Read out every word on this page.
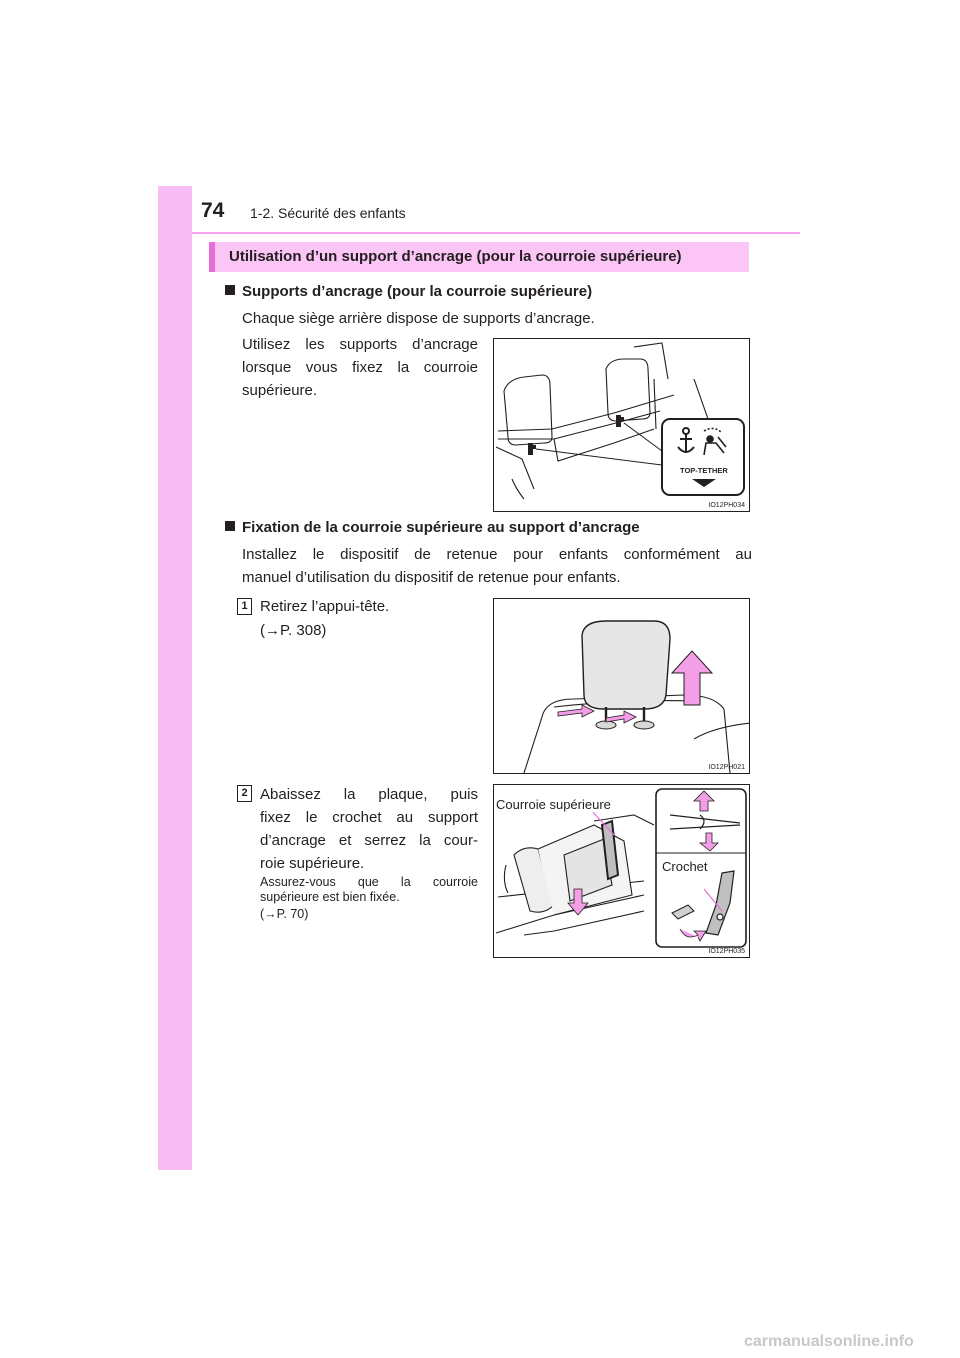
74 1-2. Sécurité des enfants
Utilisation d’un support d’ancrage (pour la courroie supérieure)
Supports d’ancrage (pour la courroie supérieure)
Chaque siège arrière dispose de supports d’ancrage.
Utilisez les supports d’ancrage
lorsque vous fixez la courroie
supérieure.
TOP-TETHER
IO12PH034
Fixation de la courroie supérieure au support d’ancrage
Installez le dispositif de retenue pour enfants conformément au
manuel d’utilisation du dispositif de retenue pour enfants.
1 Retirez l’appui-tête.
(→P. 308)
IO12PH021
2 Abaissez la plaque, puis
fixez le crochet au support
d’ancrage et serrez la cour-
roie supérieure.
Assurez-vous que la courroie
supérieure est bien fixée.
(→P. 70)
Courroie supérieure
Crochet
IO12PH035
carmanualsonline.info
